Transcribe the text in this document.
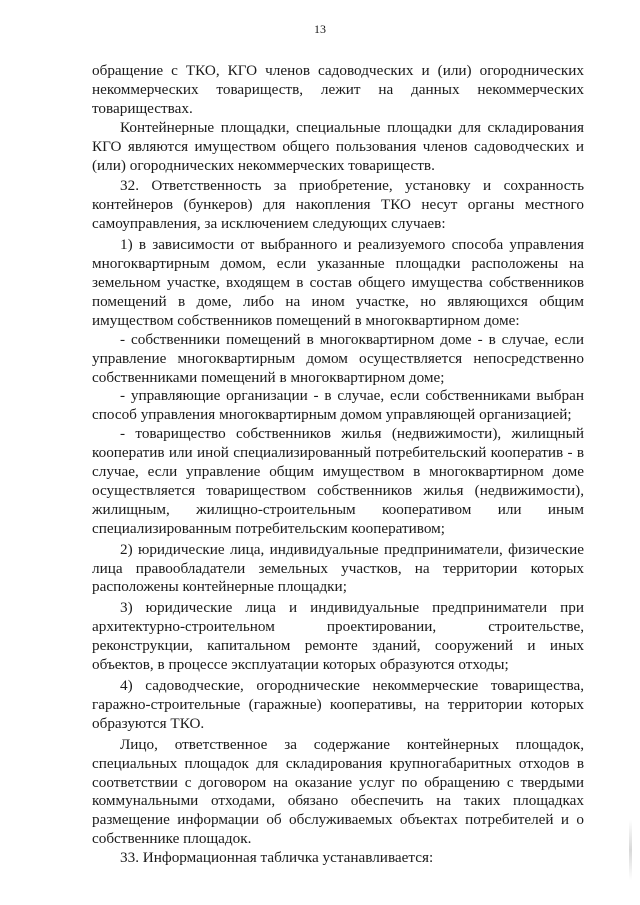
13

обращение с ТКО, КГО членов садоводческих и (или) огороднических некоммерческих товариществ, лежит на данных некоммерческих товариществах.

Контейнерные площадки, специальные площадки для складирования КГО являются имуществом общего пользования членов садоводческих и (или) огороднических некоммерческих товариществ.

32. Ответственность за приобретение, установку и сохранность контейнеров (бункеров) для накопления ТКО несут органы местного самоуправления, за исключением следующих случаев:

1) в зависимости от выбранного и реализуемого способа управления многоквартирным домом, если указанные площадки расположены на земельном участке, входящем в состав общего имущества собственников помещений в доме, либо на ином участке, но являющихся общим имуществом собственников помещений в многоквартирном доме:

- собственники помещений в многоквартирном доме - в случае, если управление многоквартирным домом осуществляется непосредственно собственниками помещений в многоквартирном доме;

- управляющие организации - в случае, если собственниками выбран способ управления многоквартирным домом управляющей организацией;

- товарищество собственников жилья (недвижимости), жилищный кооператив или иной специализированный потребительский кооператив - в случае, если управление общим имуществом в многоквартирном доме осуществляется товариществом собственников жилья (недвижимости), жилищным, жилищно-строительным кооперативом или иным специализированным потребительским кооперативом;

2) юридические лица, индивидуальные предприниматели, физические лица правообладатели земельных участков, на территории которых расположены контейнерные площадки;

3) юридические лица и индивидуальные предприниматели при архитектурно-строительном проектировании, строительстве, реконструкции, капитальном ремонте зданий, сооружений и иных объектов, в процессе эксплуатации которых образуются отходы;

4) садоводческие, огороднические некоммерческие товарищества, гаражно-строительные (гаражные) кооперативы, на территории которых образуются ТКО.

Лицо, ответственное за содержание контейнерных площадок, специальных площадок для складирования крупногабаритных отходов в соответствии с договором на оказание услуг по обращению с твердыми коммунальными отходами, обязано обеспечить на таких площадках размещение информации об обслуживаемых объектах потребителей и о собственнике площадок.

33. Информационная табличка устанавливается:
